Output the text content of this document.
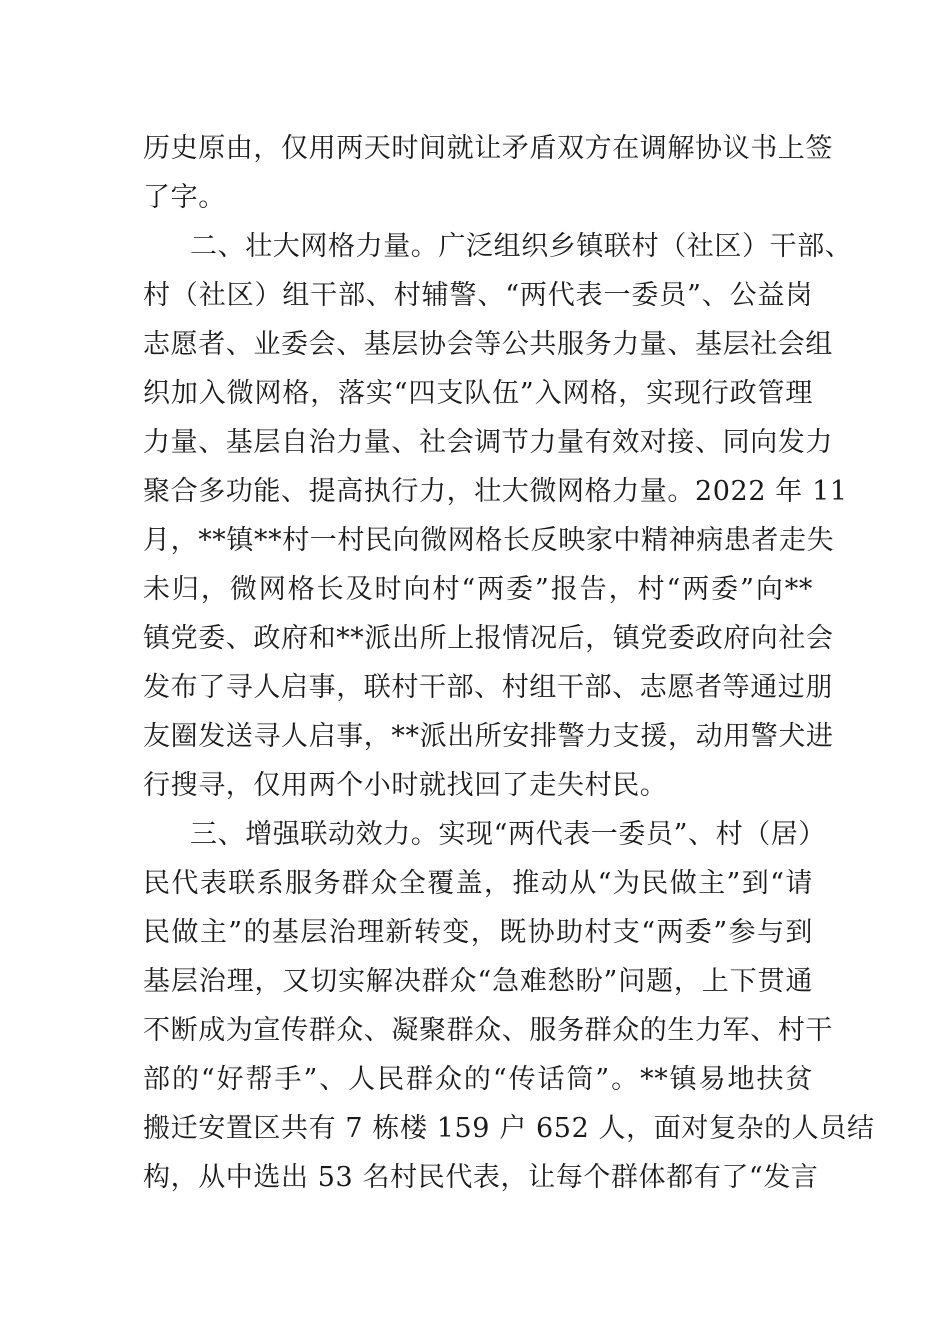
历史原由，仅用两天时间就让矛盾双方在调解协议书上签
了字。
二、壮大网格力量。广泛组织乡镇联村（社区）干部、
村（社区）组干部、村辅警、“两代表一委员”、公益岗
志愿者、业委会、基层协会等公共服务力量、基层社会组
织加入微网格，落实“四支队伍”入网格，实现行政管理
力量、基层自治力量、社会调节力量有效对接、同向发力
聚合多功能、提高执行力，壮大微网格力量。2022 年 11
月，**镇**村一村民向微网格长反映家中精神病患者走失
未归，微网格长及时向村“两委”报告，村“两委”向**
镇党委、政府和**派出所上报情况后，镇党委政府向社会
发布了寻人启事，联村干部、村组干部、志愿者等通过朋
友圈发送寻人启事，**派出所安排警力支援，动用警犬进
行搜寻，仅用两个小时就找回了走失村民。
三、增强联动效力。实现“两代表一委员”、村（居）
民代表联系服务群众全覆盖，推动从“为民做主”到“请
民做主”的基层治理新转变，既协助村支“两委”参与到
基层治理，又切实解决群众“急难愁盼”问题，上下贯通
不断成为宣传群众、凝聚群众、服务群众的生力军、村干
部的“好帮手”、人民群众的“传话筒”。**镇易地扶贫
搬迁安置区共有 7 栋楼 159 户 652 人，面对复杂的人员结
构，从中选出 53 名村民代表，让每个群体都有了“发言
